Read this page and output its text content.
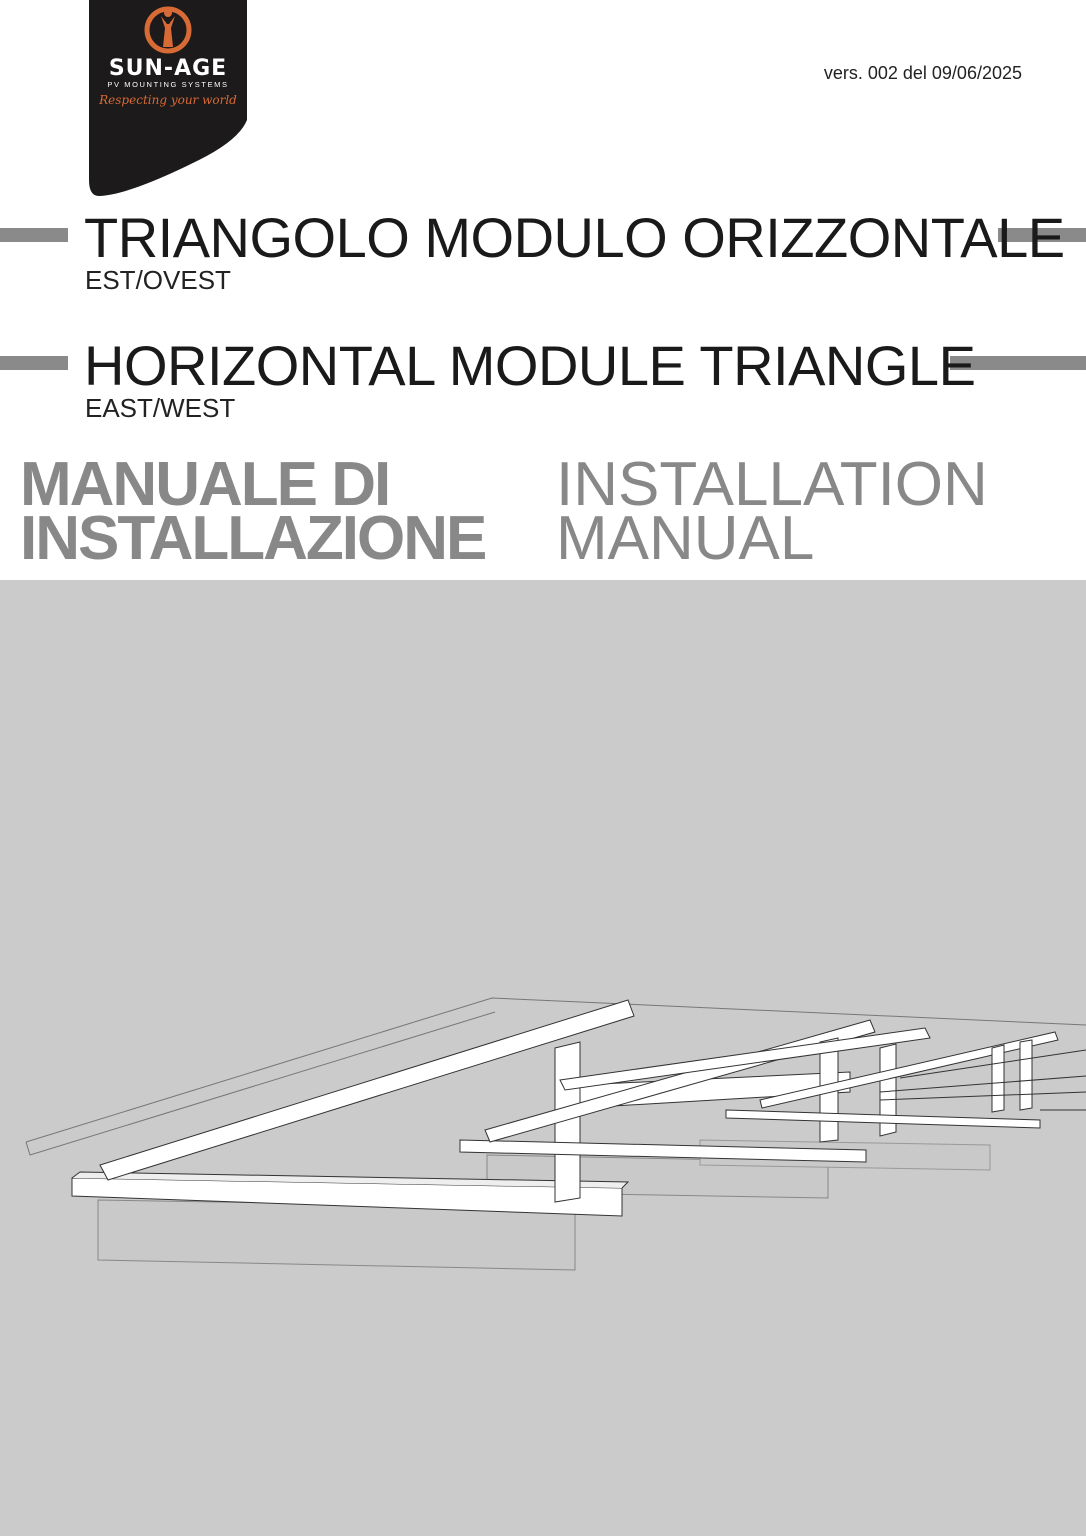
SUN-AGE
PV MOUNTING SYSTEMS
Respecting your world
vers. 002 del 09/06/2025
TRIANGOLO MODULO ORIZZONTALE
EST/OVEST
HORIZONTAL MODULE TRIANGLE
EAST/WEST
MANUALE DI
INSTALLAZIONE
INSTALLATION
MANUAL
